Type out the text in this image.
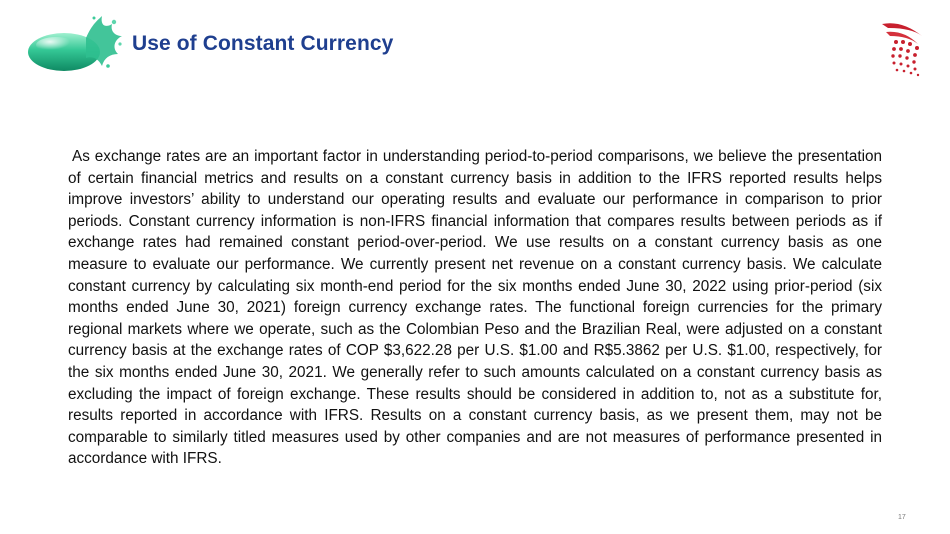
Use of Constant Currency

As exchange rates are an important factor in understanding period-to-period comparisons, we believe the presentation of certain financial metrics and results on a constant currency basis in addition to the IFRS reported results helps improve investors’ ability to understand our operating results and evaluate our performance in comparison to prior periods. Constant currency information is non-IFRS financial information that compares results between periods as if exchange rates had remained constant period-over-period. We use results on a constant currency basis as one measure to evaluate our performance. We currently present net revenue on a constant currency basis. We calculate constant currency by calculating six month-end period for the six months ended June 30, 2022 using prior-period (six months ended June 30, 2021) foreign currency exchange rates. The functional foreign currencies for the primary regional markets where we operate, such as the Colombian Peso and the Brazilian Real, were adjusted on a constant currency basis at the exchange rates of COP $3,622.28 per U.S. $1.00 and R$5.3862 per U.S. $1.00, respectively, for the six months ended June 30, 2021. We generally refer to such amounts calculated on a constant currency basis as excluding the impact of foreign exchange. These results should be considered in addition to, not as a substitute for, results reported in accordance with IFRS. Results on a constant currency basis, as we present them, may not be comparable to similarly titled measures used by other companies and are not measures of performance presented in accordance with IFRS.

17
